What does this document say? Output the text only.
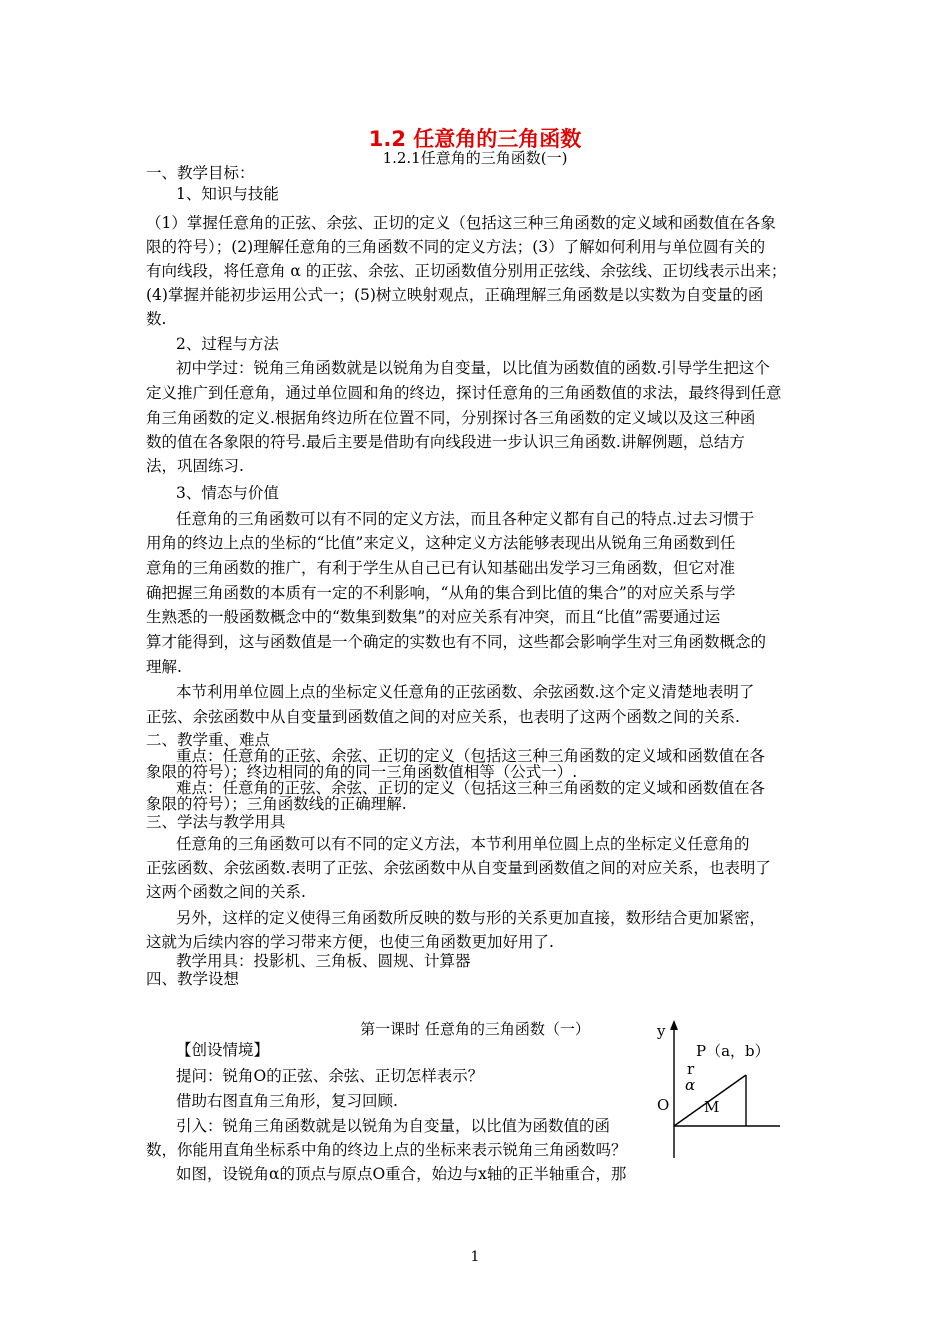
1.2 任意角的三角函数
1.2.1任意角的三角函数(一)
一、教学目标：
1、知识与技能
（1）掌握任意角的正弦、余弦、正切的定义（包括这三种三角函数的定义域和函数值在各象
限的符号）；(2)理解任意角的三角函数不同的定义方法；(3）了解如何利用与单位圆有关的
有向线段，将任意角 α 的正弦、余弦、正切函数值分别用正弦线、余弦线、正切线表示出来；
(4)掌握并能初步运用公式一；(5)树立映射观点，正确理解三角函数是以实数为自变量的函
数.
2、过程与方法
初中学过：锐角三角函数就是以锐角为自变量，以比值为函数值的函数.引导学生把这个
定义推广到任意角，通过单位圆和角的终边，探讨任意角的三角函数值的求法，最终得到任意
角三角函数的定义.根据角终边所在位置不同，分别探讨各三角函数的定义域以及这三种函
数的值在各象限的符号.最后主要是借助有向线段进一步认识三角函数.讲解例题，总结方
法，巩固练习.
3、情态与价值
任意角的三角函数可以有不同的定义方法，而且各种定义都有自己的特点.过去习惯于
用角的终边上点的坐标的“比值”来定义，这种定义方法能够表现出从锐角三角函数到任
意角的三角函数的推广，有利于学生从自己已有认知基础出发学习三角函数，但它对准
确把握三角函数的本质有一定的不利影响，“从角的集合到比值的集合”的对应关系与学
生熟悉的一般函数概念中的“数集到数集”的对应关系有冲突，而且“比值”需要通过运
算才能得到，这与函数值是一个确定的实数也有不同，这些都会影响学生对三角函数概念的
理解.
本节利用单位圆上点的坐标定义任意角的正弦函数、余弦函数.这个定义清楚地表明了
正弦、余弦函数中从自变量到函数值之间的对应关系，也表明了这两个函数之间的关系.
二、教学重、难点
重点：任意角的正弦、余弦、正切的定义（包括这三种三角函数的定义域和函数值在各
象限的符号）；终边相同的角的同一三角函数值相等（公式一）.
难点：任意角的正弦、余弦、正切的定义（包括这三种三角函数的定义域和函数值在各
象限的符号）；三角函数线的正确理解.
三、学法与教学用具
任意角的三角函数可以有不同的定义方法，本节利用单位圆上点的坐标定义任意角的
正弦函数、余弦函数.表明了正弦、余弦函数中从自变量到函数值之间的对应关系，也表明了
这两个函数之间的关系.
另外，这样的定义使得三角函数所反映的数与形的关系更加直接，数形结合更加紧密，
这就为后续内容的学习带来方便，也使三角函数更加好用了.
教学用具：投影机、三角板、圆规、计算器
四、教学设想
【创设情境】
提问：锐角O的正弦、余弦、正切怎样表示？
借助右图直角三角形，复习回顾.
引入：锐角三角函数就是以锐角为自变量，以比值为函数值的函
数，你能用直角坐标系中角的终边上点的坐标来表示锐角三角函数吗？
如图，设锐角α的顶点与原点O重合，始边与x轴的正半轴重合，那
第一课时 任意角的三角函数（一）	y
P（a，b）
r
α
O M
1
